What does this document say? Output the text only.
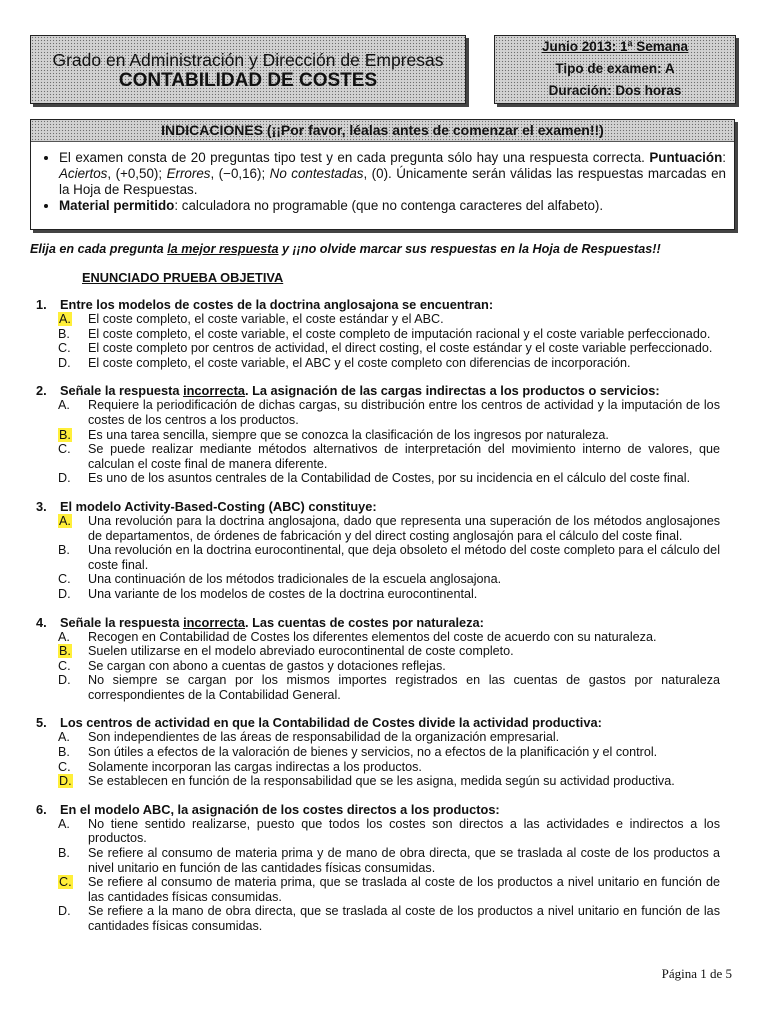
Grado en Administración y Dirección de Empresas
CONTABILIDAD DE COSTES
Junio 2013: 1ª Semana
Tipo de examen: A
Duración: Dos horas
INDICACIONES (¡¡Por favor, léalas antes de comenzar el examen!!)
• El examen consta de 20 preguntas tipo test y en cada pregunta sólo hay una respuesta correcta. Puntuación: Aciertos, (+0,50); Errores, (−0,16); No contestadas, (0). Únicamente serán válidas las respuestas marcadas en la Hoja de Respuestas.
• Material permitido: calculadora no programable (que no contenga caracteres del alfabeto).
Elija en cada pregunta la mejor respuesta y ¡¡no olvide marcar sus respuestas en la Hoja de Respuestas!!
ENUNCIADO PRUEBA OBJETIVA
1. Entre los modelos de costes de la doctrina anglosajona se encuentran:
A. El coste completo, el coste variable, el coste estándar y el ABC.
B. El coste completo, el coste variable, el coste completo de imputación racional y el coste variable perfeccionado.
C. El coste completo por centros de actividad, el direct costing, el coste estándar y el coste variable perfeccionado.
D. El coste completo, el coste variable, el ABC y el coste completo con diferencias de incorporación.
2. Señale la respuesta incorrecta. La asignación de las cargas indirectas a los productos o servicios:
A. Requiere la periodificación de dichas cargas, su distribución entre los centros de actividad y la imputación de los costes de los centros a los productos.
B. Es una tarea sencilla, siempre que se conozca la clasificación de los ingresos por naturaleza.
C. Se puede realizar mediante métodos alternativos de interpretación del movimiento interno de valores, que calculan el coste final de manera diferente.
D. Es uno de los asuntos centrales de la Contabilidad de Costes, por su incidencia en el cálculo del coste final.
3. El modelo Activity-Based-Costing (ABC) constituye:
A. Una revolución para la doctrina anglosajona, dado que representa una superación de los métodos anglosajones de departamentos, de órdenes de fabricación y del direct costing anglosajón para el cálculo del coste final.
B. Una revolución en la doctrina eurocontinental, que deja obsoleto el método del coste completo para el cálculo del coste final.
C. Una continuación de los métodos tradicionales de la escuela anglosajona.
D. Una variante de los modelos de costes de la doctrina eurocontinental.
4. Señale la respuesta incorrecta. Las cuentas de costes por naturaleza:
A. Recogen en Contabilidad de Costes los diferentes elementos del coste de acuerdo con su naturaleza.
B. Suelen utilizarse en el modelo abreviado eurocontinental de coste completo.
C. Se cargan con abono a cuentas de gastos y dotaciones reflejas.
D. No siempre se cargan por los mismos importes registrados en las cuentas de gastos por naturaleza correspondientes de la Contabilidad General.
5. Los centros de actividad en que la Contabilidad de Costes divide la actividad productiva:
A. Son independientes de las áreas de responsabilidad de la organización empresarial.
B. Son útiles a efectos de la valoración de bienes y servicios, no a efectos de la planificación y el control.
C. Solamente incorporan las cargas indirectas a los productos.
D. Se establecen en función de la responsabilidad que se les asigna, medida según su actividad productiva.
6. En el modelo ABC, la asignación de los costes directos a los productos:
A. No tiene sentido realizarse, puesto que todos los costes son directos a las actividades e indirectos a los productos.
B. Se refiere al consumo de materia prima y de mano de obra directa, que se traslada al coste de los productos a nivel unitario en función de las cantidades físicas consumidas.
C. Se refiere al consumo de materia prima, que se traslada al coste de los productos a nivel unitario en función de las cantidades físicas consumidas.
D. Se refiere a la mano de obra directa, que se traslada al coste de los productos a nivel unitario en función de las cantidades físicas consumidas.
Página 1 de 5
